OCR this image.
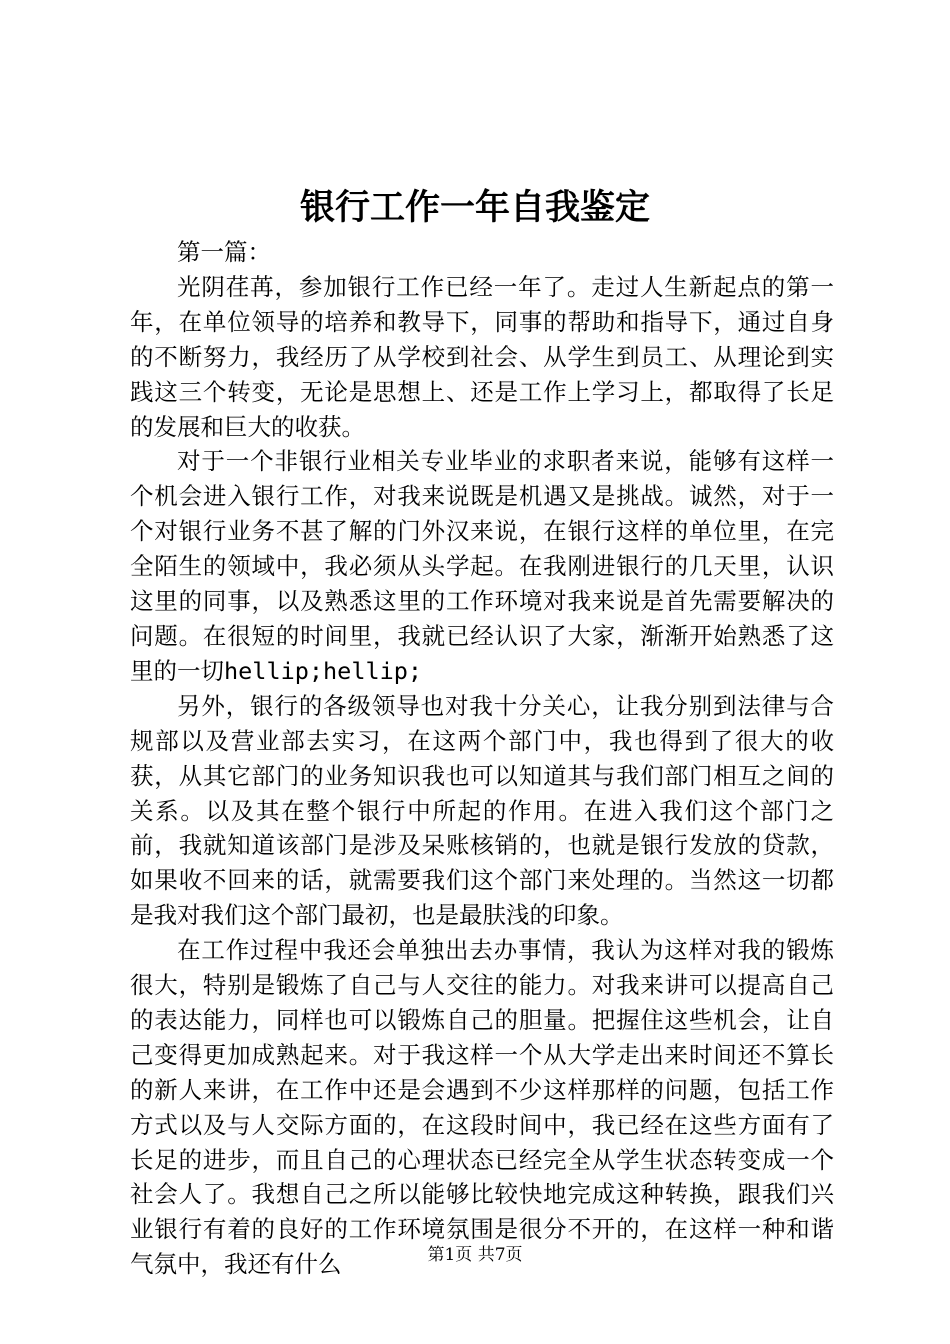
银行工作一年自我鉴定

第一篇：

光阴荏苒，参加银行工作已经一年了。走过人生新起点的第一年，在单位领导的培养和教导下，同事的帮助和指导下，通过自身的不断努力，我经历了从学校到社会、从学生到员工、从理论到实践这三个转变，无论是思想上、还是工作上学习上，都取得了长足的发展和巨大的收获。

对于一个非银行业相关专业毕业的求职者来说，能够有这样一个机会进入银行工作，对我来说既是机遇又是挑战。诚然，对于一个对银行业务不甚了解的门外汉来说，在银行这样的单位里，在完全陌生的领域中，我必须从头学起。在我刚进银行的几天里，认识这里的同事，以及熟悉这里的工作环境对我来说是首先需要解决的问题。在很短的时间里，我就已经认识了大家，渐渐开始熟悉了这里的一切hellip;hellip;

另外，银行的各级领导也对我十分关心，让我分别到法律与合规部以及营业部去实习，在这两个部门中，我也得到了很大的收获，从其它部门的业务知识我也可以知道其与我们部门相互之间的关系。以及其在整个银行中所起的作用。在进入我们这个部门之前，我就知道该部门是涉及呆账核销的，也就是银行发放的贷款，如果收不回来的话，就需要我们这个部门来处理的。当然这一切都是我对我们这个部门最初，也是最肤浅的印象。

在工作过程中我还会单独出去办事情，我认为这样对我的锻炼很大，特别是锻炼了自己与人交往的能力。对我来讲可以提高自己的表达能力，同样也可以锻炼自己的胆量。把握住这些机会，让自己变得更加成熟起来。对于我这样一个从大学走出来时间还不算长的新人来讲，在工作中还是会遇到不少这样那样的问题，包括工作方式以及与人交际方面的，在这段时间中，我已经在这些方面有了长足的进步，而且自己的心理状态已经完全从学生状态转变成一个社会人了。我想自己之所以能够比较快地完成这种转换，跟我们兴业银行有着的良好的工作环境氛围是很分不开的，在这样一种和谐气氛中，我还有什么	第1页 共7页
